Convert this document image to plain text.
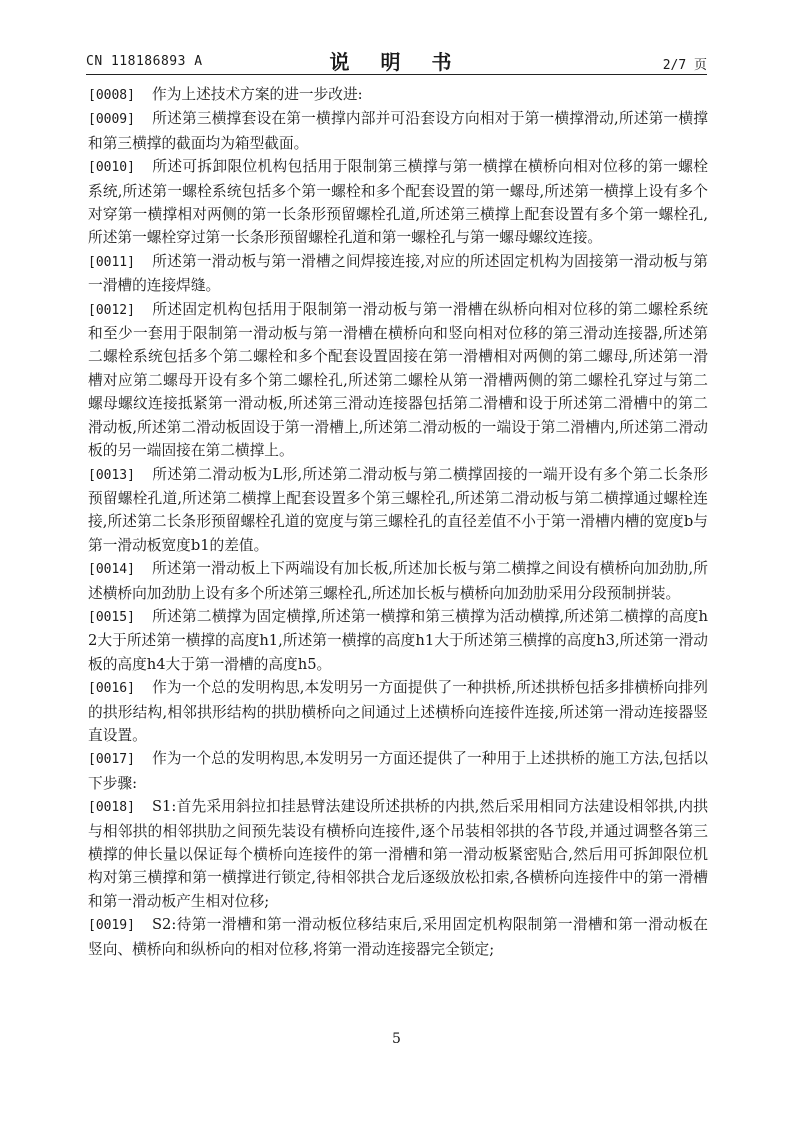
CN 118186893 A	说 明 书	2/7 页

[0008] 作为上述技术方案的进一步改进:

[0009] 所述第三横撑套设在第一横撑内部并可沿套设方向相对于第一横撑滑动,所述第一横撑和第三横撑的截面均为箱型截面。

[0010] 所述可拆卸限位机构包括用于限制第三横撑与第一横撑在横桥向相对位移的第一螺栓系统,所述第一螺栓系统包括多个第一螺栓和多个配套设置的第一螺母,所述第一横撑上设有多个对穿第一横撑相对两侧的第一长条形预留螺栓孔道,所述第三横撑上配套设置有多个第一螺栓孔,所述第一螺栓穿过第一长条形预留螺栓孔道和第一螺栓孔与第一螺母螺纹连接。

[0011] 所述第一滑动板与第一滑槽之间焊接连接,对应的所述固定机构为固接第一滑动板与第一滑槽的连接焊缝。

[0012] 所述固定机构包括用于限制第一滑动板与第一滑槽在纵桥向相对位移的第二螺栓系统和至少一套用于限制第一滑动板与第一滑槽在横桥向和竖向相对位移的第三滑动连接器,所述第二螺栓系统包括多个第二螺栓和多个配套设置固接在第一滑槽相对两侧的第二螺母,所述第一滑槽对应第二螺母开设有多个第二螺栓孔,所述第二螺栓从第一滑槽两侧的第二螺栓孔穿过与第二螺母螺纹连接抵紧第一滑动板,所述第三滑动连接器包括第二滑槽和设于所述第二滑槽中的第二滑动板,所述第二滑动板固设于第一滑槽上,所述第二滑动板的一端设于第二滑槽内,所述第二滑动板的另一端固接在第二横撑上。

[0013] 所述第二滑动板为L形,所述第二滑动板与第二横撑固接的一端开设有多个第二长条形预留螺栓孔道,所述第二横撑上配套设置多个第三螺栓孔,所述第二滑动板与第二横撑通过螺栓连接,所述第二长条形预留螺栓孔道的宽度与第三螺栓孔的直径差值不小于第一滑槽内槽的宽度b与第一滑动板宽度b1的差值。

[0014] 所述第一滑动板上下两端设有加长板,所述加长板与第二横撑之间设有横桥向加劲肋,所述横桥向加劲肋上设有多个所述第三螺栓孔,所述加长板与横桥向加劲肋采用分段预制拼装。

[0015] 所述第二横撑为固定横撑,所述第一横撑和第三横撑为活动横撑,所述第二横撑的高度h2大于所述第一横撑的高度h1,所述第一横撑的高度h1大于所述第三横撑的高度h3,所述第一滑动板的高度h4大于第一滑槽的高度h5。

[0016] 作为一个总的发明构思,本发明另一方面提供了一种拱桥,所述拱桥包括多排横桥向排列的拱形结构,相邻拱形结构的拱肋横桥向之间通过上述横桥向连接件连接,所述第一滑动连接器竖直设置。

[0017] 作为一个总的发明构思,本发明另一方面还提供了一种用于上述拱桥的施工方法,包括以下步骤:

[0018] S1:首先采用斜拉扣挂悬臂法建设所述拱桥的内拱,然后采用相同方法建设相邻拱,内拱与相邻拱的相邻拱肋之间预先装设有横桥向连接件,逐个吊装相邻拱的各节段,并通过调整各第三横撑的伸长量以保证每个横桥向连接件的第一滑槽和第一滑动板紧密贴合,然后用可拆卸限位机构对第三横撑和第一横撑进行锁定,待相邻拱合龙后逐级放松扣索,各横桥向连接件中的第一滑槽和第一滑动板产生相对位移;

[0019] S2:待第一滑槽和第一滑动板位移结束后,采用固定机构限制第一滑槽和第一滑动板在竖向、横桥向和纵桥向的相对位移,将第一滑动连接器完全锁定;

5
